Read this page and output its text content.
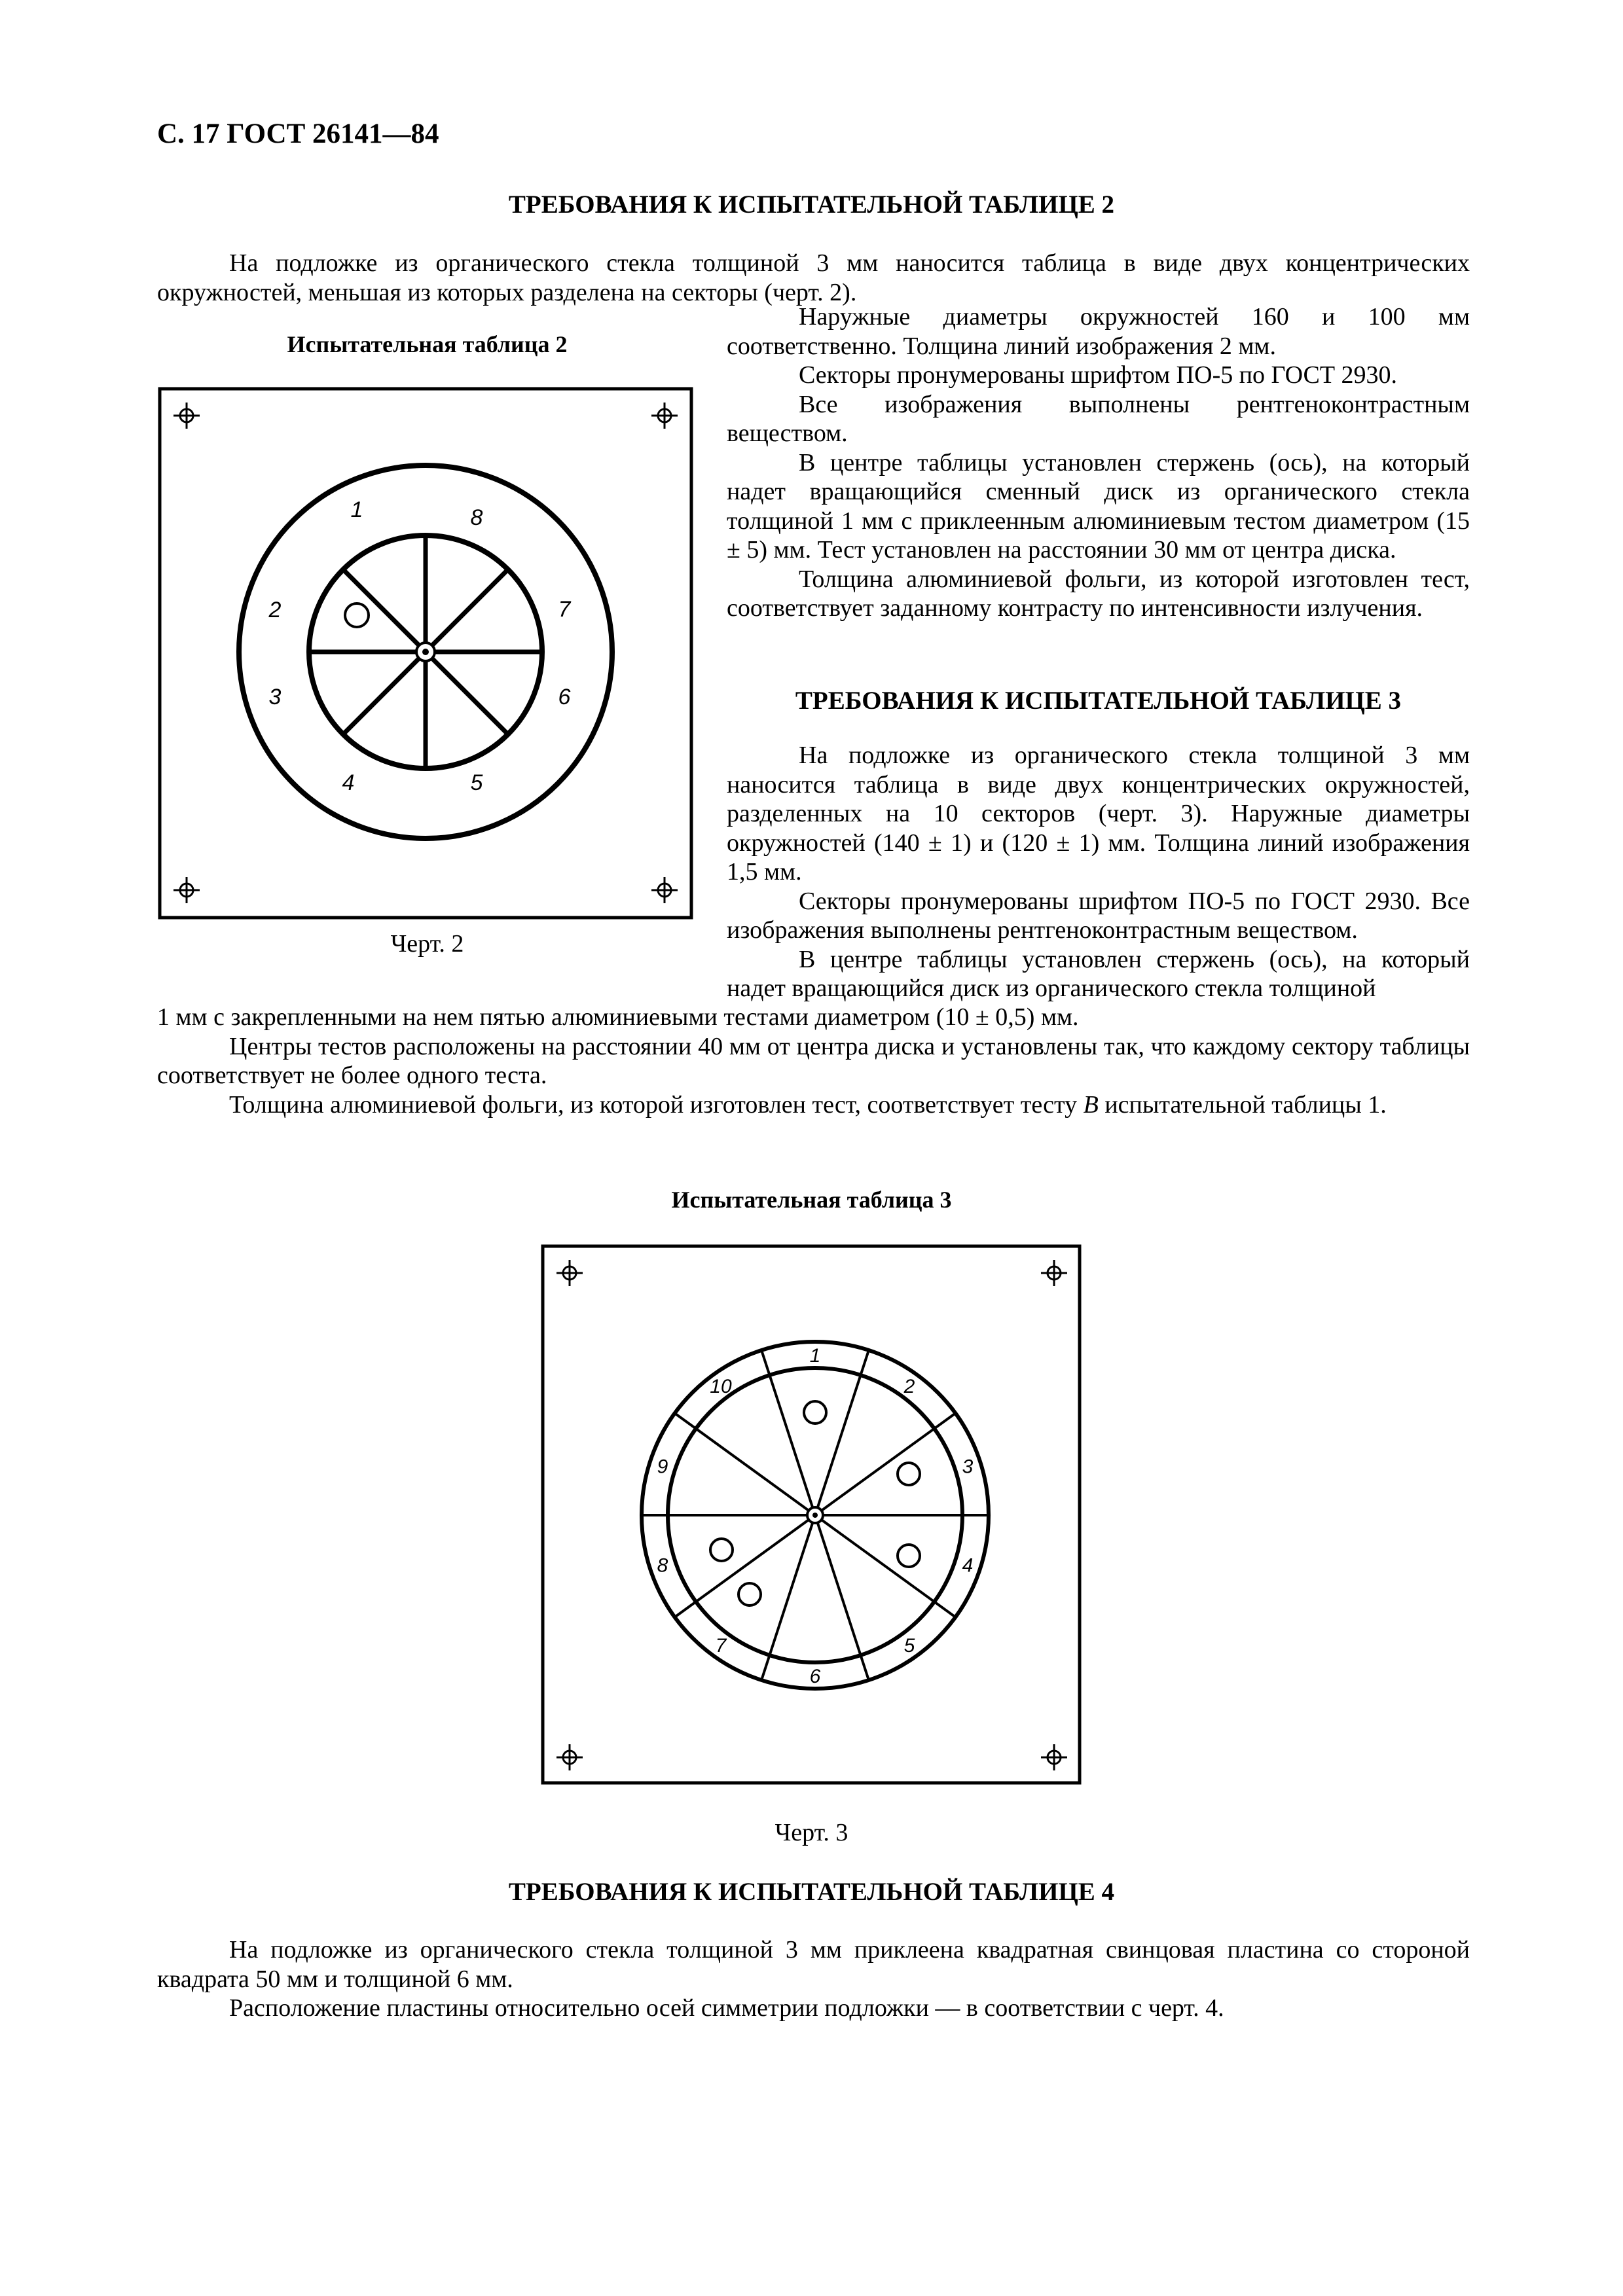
С. 17 ГОСТ 26141—84
ТРЕБОВАНИЯ К ИСПЫТАТЕЛЬНОЙ ТАБЛИЦЕ 2

На подложке из органического стекла толщиной 3 мм наносится таблица в виде двух концентрических окружностей, меньшая из которых разделена на секторы (черт. 2).

Испытательная таблица 2
1	8
2	7
3	6
4	5
Черт. 2

Наружные диаметры окружностей 160 и 100 мм соответственно. Толщина линий изображения 2 мм.

Секторы пронумерованы шрифтом ПО-5 по ГОСТ 2930.

Все изображения выполнены рентгеноконтрастным веществом.

В центре таблицы установлен стержень (ось), на который надет вращающийся сменный диск из органического стекла толщиной 1 мм с приклеенным алюминиевым тестом диаметром (15 ± 5) мм. Тест установлен на расстоянии 30 мм от центра диска.

Толщина алюминиевой фольги, из которой изготовлен тест, соответствует заданному контрасту по интенсивности излучения.

ТРЕБОВАНИЯ К ИСПЫТАТЕЛЬНОЙ ТАБЛИЦЕ 3

На подложке из органического стекла толщиной 3 мм наносится таблица в виде двух концентрических окружностей, разделенных на 10 секторов (черт. 3). Наружные диаметры окружностей (140 ± 1) и (120 ± 1) мм. Толщина линий изображения 1,5 мм.

Секторы пронумерованы шрифтом ПО-5 по ГОСТ 2930. Все изображения выполнены рентгеноконтрастным веществом.

В центре таблицы установлен стержень (ось), на который надет вращающийся диск из органического стекла толщиной

1 мм с закрепленными на нем пятью алюминиевыми тестами диаметром (10 ± 0,5) мм.

Центры тестов расположены на расстоянии 40 мм от центра диска и установлены так, что каждому сектору таблицы соответствует не более одного теста.

Толщина алюминиевой фольги, из которой изготовлен тест, соответствует тесту В испытательной таблицы 1.

Испытательная таблица 3
1
2
3
4
5
6
7
8
9
10
Черт. 3
ТРЕБОВАНИЯ К ИСПЫТАТЕЛЬНОЙ ТАБЛИЦЕ 4

На подложке из органического стекла толщиной 3 мм приклеена квадратная свинцовая пластина со стороной квадрата 50 мм и толщиной 6 мм.

Расположение пластины относительно осей симметрии подложки — в соответствии с черт. 4.
